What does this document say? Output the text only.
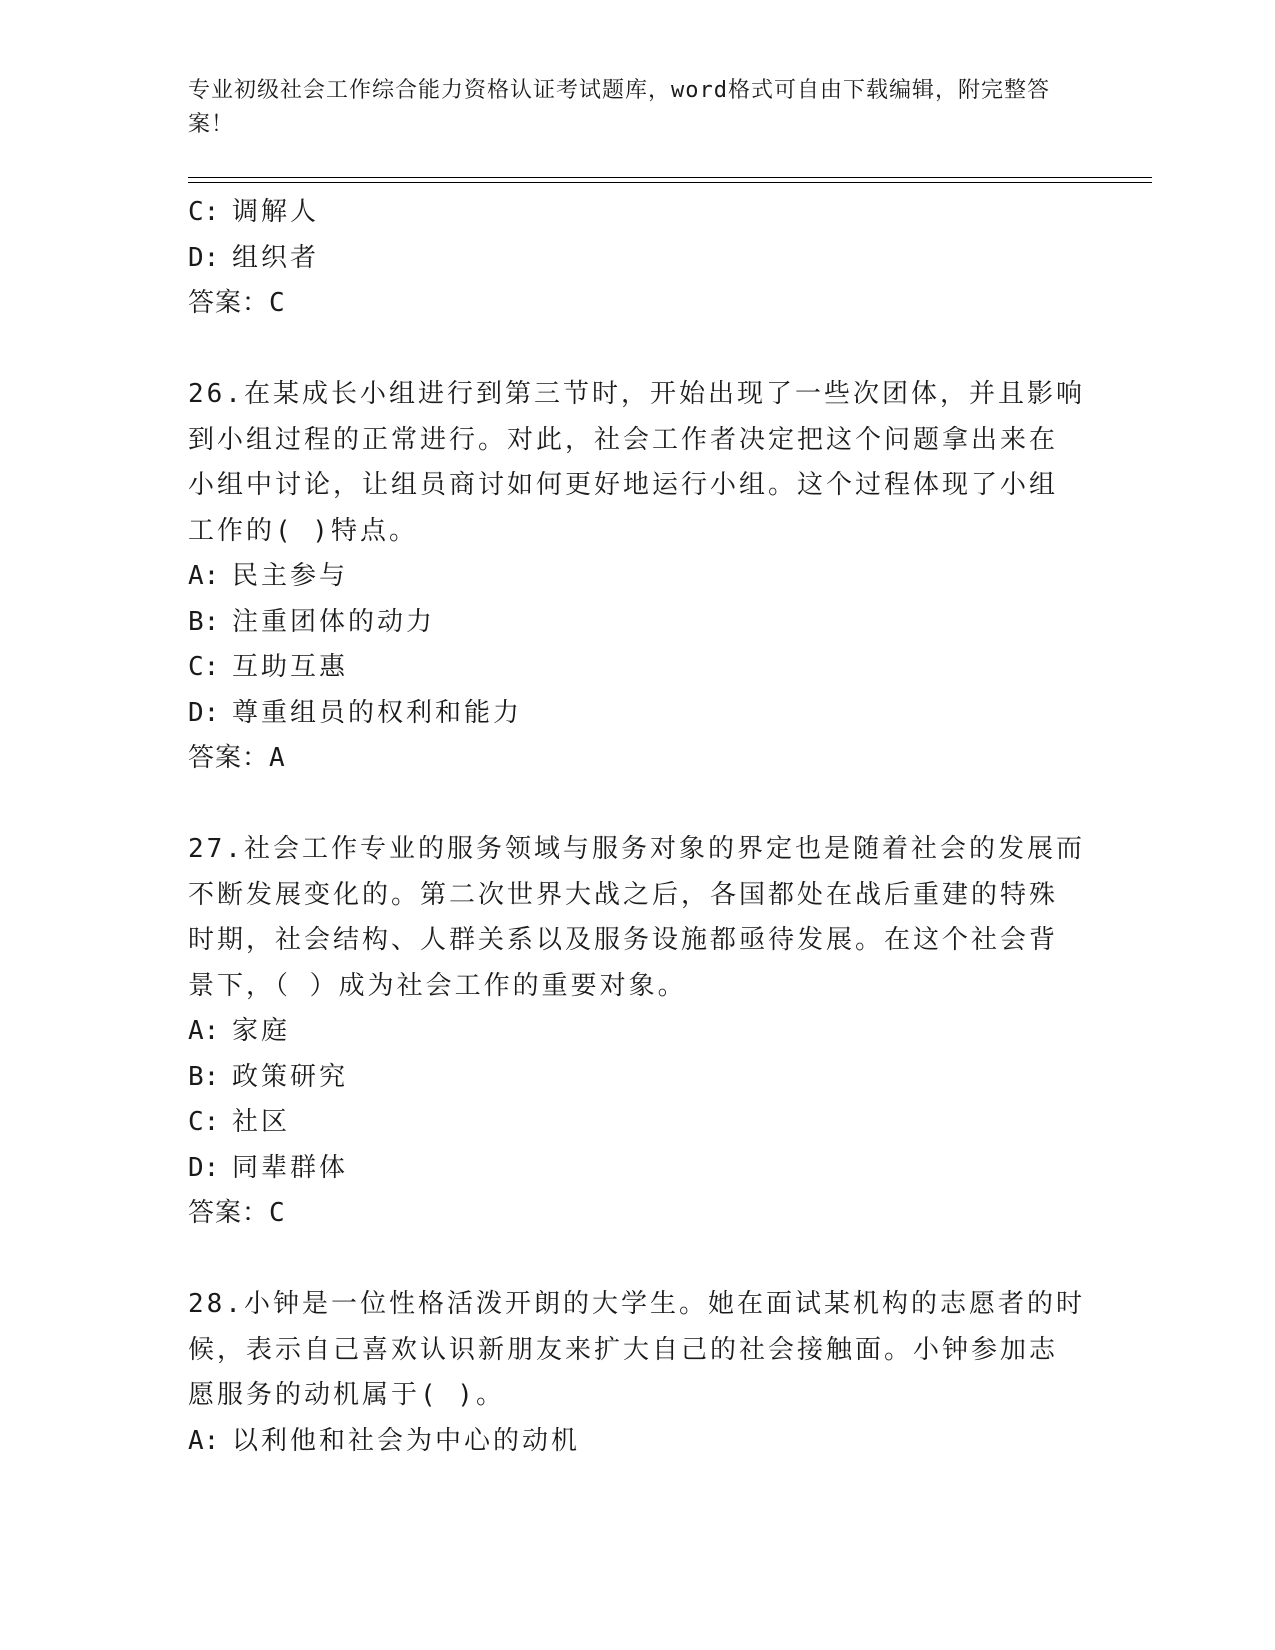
专业初级社会工作综合能力资格认证考试题库，word格式可自由下载编辑，附完整答案！
C: 调解人
D: 组织者
答案：C
26.在某成长小组进行到第三节时，开始出现了一些次团体，并且影响
到小组过程的正常进行。对此，社会工作者决定把这个问题拿出来在
小组中讨论，让组员商讨如何更好地运行小组。这个过程体现了小组
工作的( )特点。
A: 民主参与
B: 注重团体的动力
C: 互助互惠
D: 尊重组员的权利和能力
答案：A
27.社会工作专业的服务领域与服务对象的界定也是随着社会的发展而
不断发展变化的。第二次世界大战之后，各国都处在战后重建的特殊
时期，社会结构、人群关系以及服务设施都亟待发展。在这个社会背
景下，（ ）成为社会工作的重要对象。
A: 家庭
B: 政策研究
C: 社区
D: 同辈群体
答案：C
28.小钟是一位性格活泼开朗的大学生。她在面试某机构的志愿者的时
候，表示自己喜欢认识新朋友来扩大自己的社会接触面。小钟参加志
愿服务的动机属于( )。
A: 以利他和社会为中心的动机
